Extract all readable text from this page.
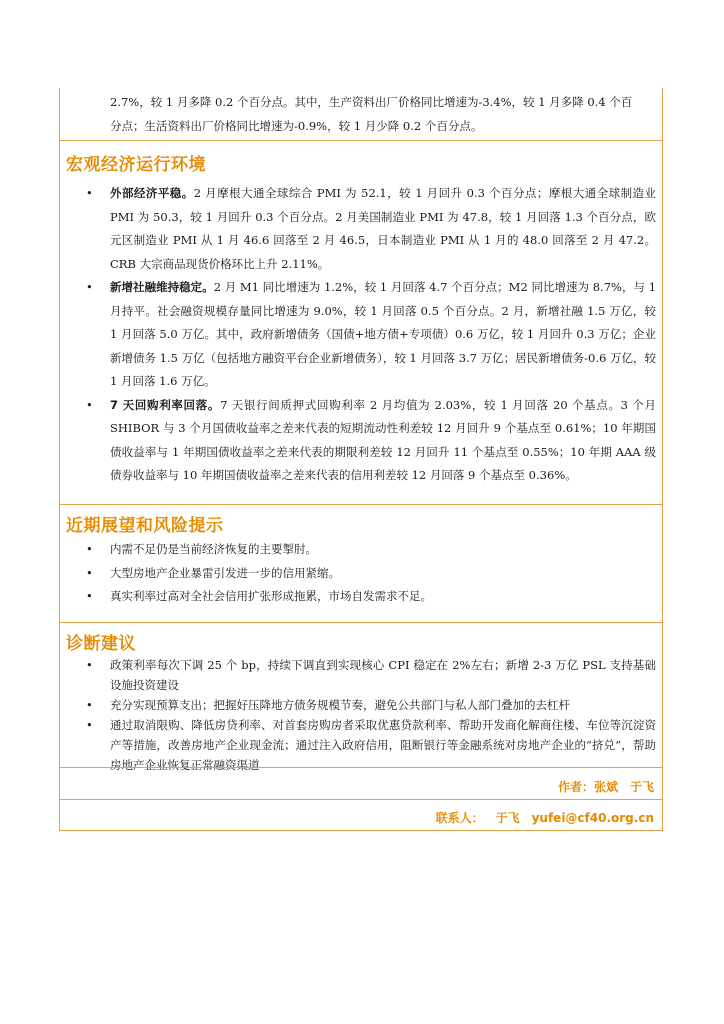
2.7%，较 1 月多降 0.2 个百分点。其中，生产资料出厂价格同比增速为-3.4%，较 1 月多降 0.4 个百
分点；生活资料出厂价格同比增速为-0.9%，较 1 月少降 0.2 个百分点。
宏观经济运行环境
• 外部经济平稳。2 月摩根大通全球综合 PMI 为 52.1，较 1 月回升 0.3 个百分点；摩根大通全球制造业 PMI 为 50.3，较 1 月回升 0.3 个百分点。2 月美国制造业 PMI 为 47.8，较 1 月回落 1.3 个百分点，欧元区制造业 PMI 从 1 月 46.6 回落至 2 月 46.5，日本制造业 PMI 从 1 月的 48.0 回落至 2 月 47.2。CRB 大宗商品现货价格环比上升 2.11%。
• 新增社融维持稳定。2 月 M1 同比增速为 1.2%，较 1 月回落 4.7 个百分点；M2 同比增速为 8.7%，与 1 月持平。社会融资规模存量同比增速为 9.0%，较 1 月回落 0.5 个百分点。2 月，新增社融 1.5 万亿，较 1 月回落 5.0 万亿。其中，政府新增债务（国债+地方债+专项债）0.6 万亿，较 1 月回升 0.3 万亿；企业新增债务 1.5 万亿（包括地方融资平台企业新增债务），较 1 月回落 3.7 万亿；居民新增债务-0.6 万亿，较 1 月回落 1.6 万亿。
• 7 天回购利率回落。7 天银行间质押式回购利率 2 月均值为 2.03%，较 1 月回落 20 个基点。3 个月 SHIBOR 与 3 个月国债收益率之差来代表的短期流动性利差较 12 月回升 9 个基点至 0.61%；10 年期国债收益率与 1 年期国债收益率之差来代表的期限利差较 12 月回升 11 个基点至 0.55%；10 年期 AAA 级债券收益率与 10 年期国债收益率之差来代表的信用利差较 12 月回落 9 个基点至 0.36%。
近期展望和风险提示
• 内需不足仍是当前经济恢复的主要掣肘。
• 大型房地产企业暴雷引发进一步的信用紧缩。
• 真实利率过高对全社会信用扩张形成拖累，市场自发需求不足。
诊断建议
• 政策利率每次下调 25 个 bp，持续下调直到实现核心 CPI 稳定在 2%左右；新增 2-3 万亿 PSL 支持基础设施投资建设
• 充分实现预算支出；把握好压降地方债务规模节奏，避免公共部门与私人部门叠加的去杠杆
• 通过取消限购、降低房贷利率、对首套房购房者采取优惠贷款利率、帮助开发商化解商住楼、车位等沉淀资产等措施，改善房地产企业现金流；通过注入政府信用，阻断银行等金融系统对房地产企业的“挤兑”，帮助房地产企业恢复正常融资渠道
作者：张斌 于飞
联系人： 于飞 yufei@cf40.org.cn
